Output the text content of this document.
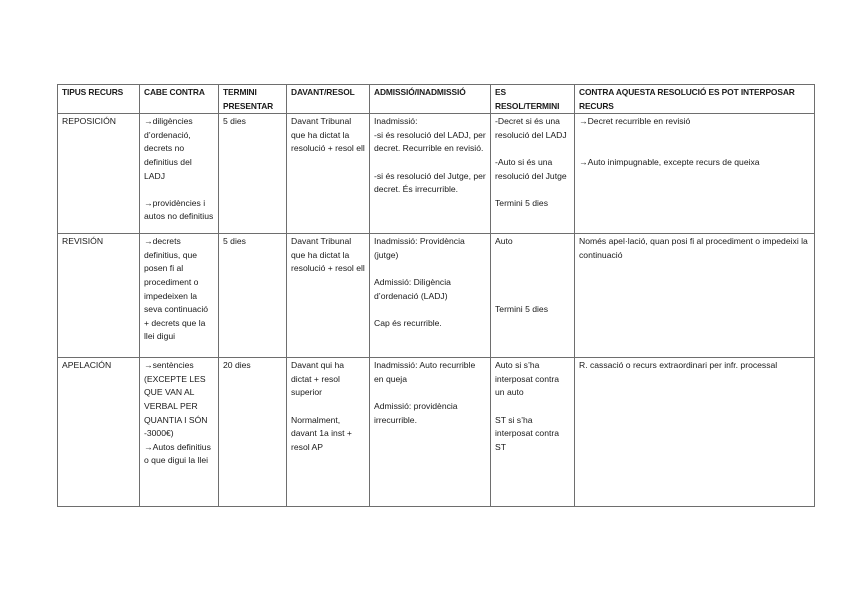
TIPUS RECURS	CABE CONTRA	TERMINI PRESENTAR	DAVANT/RESOL	ADMISSIÓ/INADMISSIÓ	ES RESOL/TERMINI	CONTRA AQUESTA RESOLUCIÓ ES POT INTERPOSAR RECURS
REPOSICIÓN	→diligències d’ordenació, decrets no definitius del LADJ
→providències i autos no definitius	5 dies	Davant Tribunal que ha dictat la resolució + resol ell	Inadmissió:
-si és resolució del LADJ, per decret. Recurrible en revisió.
-si és resolució del Jutge, per decret. És irrecurrible.	-Decret si és una resolució del LADJ
-Auto si és una resolució del Jutge
Termini 5 dies	→Decret recurrible en revisió
→Auto inimpugnable, excepte recurs de queixa

REVISIÓN	→decrets definitius, que posen fi al procediment o impedeixen la seva continuació + decrets que la llei digui	5 dies	Davant Tribunal que ha dictat la resolució + resol ell	Inadmissió: Providència (jutge)
Admissió: Diligència d’ordenació (LADJ)
Cap és recurrible.	Auto
Termini 5 dies	Només apel·lació, quan posi fi al procediment o impedeixi la continuació

APELACIÓN	→sentències (EXCEPTE LES QUE VAN AL VERBAL PER QUANTIA I SÓN -3000€)
→Autos definitius o que digui la llei	20 dies	Davant qui ha dictat + resol superior
Normalment, davant 1a inst + resol AP	Inadmissió: Auto recurrible en queja
Admissió: providència irrecurrible.	Auto si s’ha interposat contra un auto
ST si s’ha interposat contra ST	R. cassació o recurs extraordinari per infr. processal
